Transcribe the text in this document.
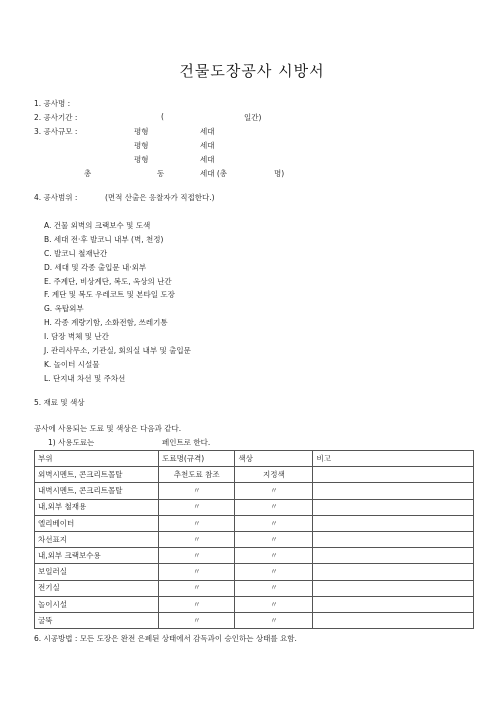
건물도장공사 시방서
1. 공사명 :
2. 공사기간 :	(	일간)
3. 공사규모 :	평형	세대
평형	세대
평형	세대
총	동	세대 (총	명)
4. 공사범위 :	(면적 산출은 응찰자가 직접한다.)
A. 건물 외벽의 크랙보수 및 도색
B. 세대 전·후 발코니 내부 (벽, 천정)
C. 발코니 철재난간
D. 세대 및 각종 출입문 내·외부
E. 주계단, 비상계단, 복도, 옥상의 난간
F. 계단 및 복도 우레코트 및 본타일 도장
G. 옥탑외부
H. 각종 계량기함, 소화전함, 쓰레기통
I. 담장 벽체 및 난간
J. 관리사무소, 기관실, 회의실 내부 및 출입문
K. 놀이터 시설물
L. 단지내 차선 및 주차선
5. 재료 및 색상
공사에 사용되는 도료 및 색상은 다음과 같다.
1) 사용도료는	페인트로 한다.
부위	도료명(규격)	색상	비고
외벽시멘트, 콘크리트몰탈	추천도료 참조	지정색	
내벽시멘트, 콘크리트몰탈	〃	〃	
내,외부 철재용	〃	〃	
엘리베이터	〃	〃	
차선표지	〃	〃	
내,외부 크랙보수용	〃	〃	
보일러실	〃	〃	
전기실	〃	〃	
놀이시설	〃	〃	
굴뚝	〃	〃	
6. 시공방법 : 모든 도장은 완전 은폐된 상태에서 감독과이 승인하는 상태를 요함.
